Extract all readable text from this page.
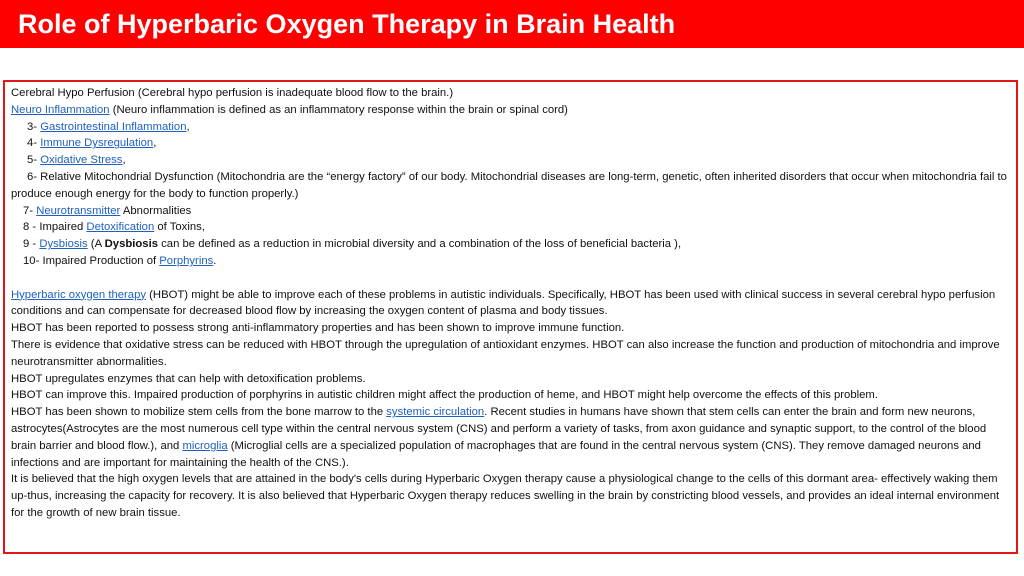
Role of Hyperbaric Oxygen Therapy in Brain Health

Cerebral Hypo Perfusion (Cerebral hypo perfusion is inadequate blood flow to the brain.)

Neuro Inflammation (Neuro inflammation is defined as an inflammatory response within the brain or spinal cord)

3- Gastrointestinal Inflammation,

4- Immune Dysregulation,

5- Oxidative Stress,

6- Relative Mitochondrial Dysfunction (Mitochondria are the “energy factory” of our body. Mitochondrial diseases are long-term, genetic, often inherited disorders that occur when mitochondria fail to produce enough energy for the body to function properly.)

7- Neurotransmitter Abnormalities

8 - Impaired Detoxification of Toxins,

9 - Dysbiosis (A Dysbiosis can be defined as a reduction in microbial diversity and a combination of the loss of beneficial bacteria ),

10- Impaired Production of Porphyrins.

Hyperbaric oxygen therapy (HBOT) might be able to improve each of these problems in autistic individuals. Specifically, HBOT has been used with clinical success in several cerebral hypo perfusion conditions and can compensate for decreased blood flow by increasing the oxygen content of plasma and body tissues.

HBOT has been reported to possess strong anti-inflammatory properties and has been shown to improve immune function.

There is evidence that oxidative stress can be reduced with HBOT through the upregulation of antioxidant enzymes. HBOT can also increase the function and production of mitochondria and improve neurotransmitter abnormalities.

HBOT upregulates enzymes that can help with detoxification problems.

HBOT can improve this. Impaired production of porphyrins in autistic children might affect the production of heme, and HBOT might help overcome the effects of this problem.

HBOT has been shown to mobilize stem cells from the bone marrow to the systemic circulation. Recent studies in humans have shown that stem cells can enter the brain and form new neurons, astrocytes(Astrocytes are the most numerous cell type within the central nervous system (CNS) and perform a variety of tasks, from axon guidance and synaptic support, to the control of the blood brain barrier and blood flow.), and microglia (Microglial cells are a specialized population of macrophages that are found in the central nervous system (CNS). They remove damaged neurons and infections and are important for maintaining the health of the CNS.).

It is believed that the high oxygen levels that are attained in the body's cells during Hyperbaric Oxygen therapy cause a physiological change to the cells of this dormant area- effectively waking them up-thus, increasing the capacity for recovery. It is also believed that Hyperbaric Oxygen therapy reduces swelling in the brain by constricting blood vessels, and provides an ideal internal environment for the growth of new brain tissue.
